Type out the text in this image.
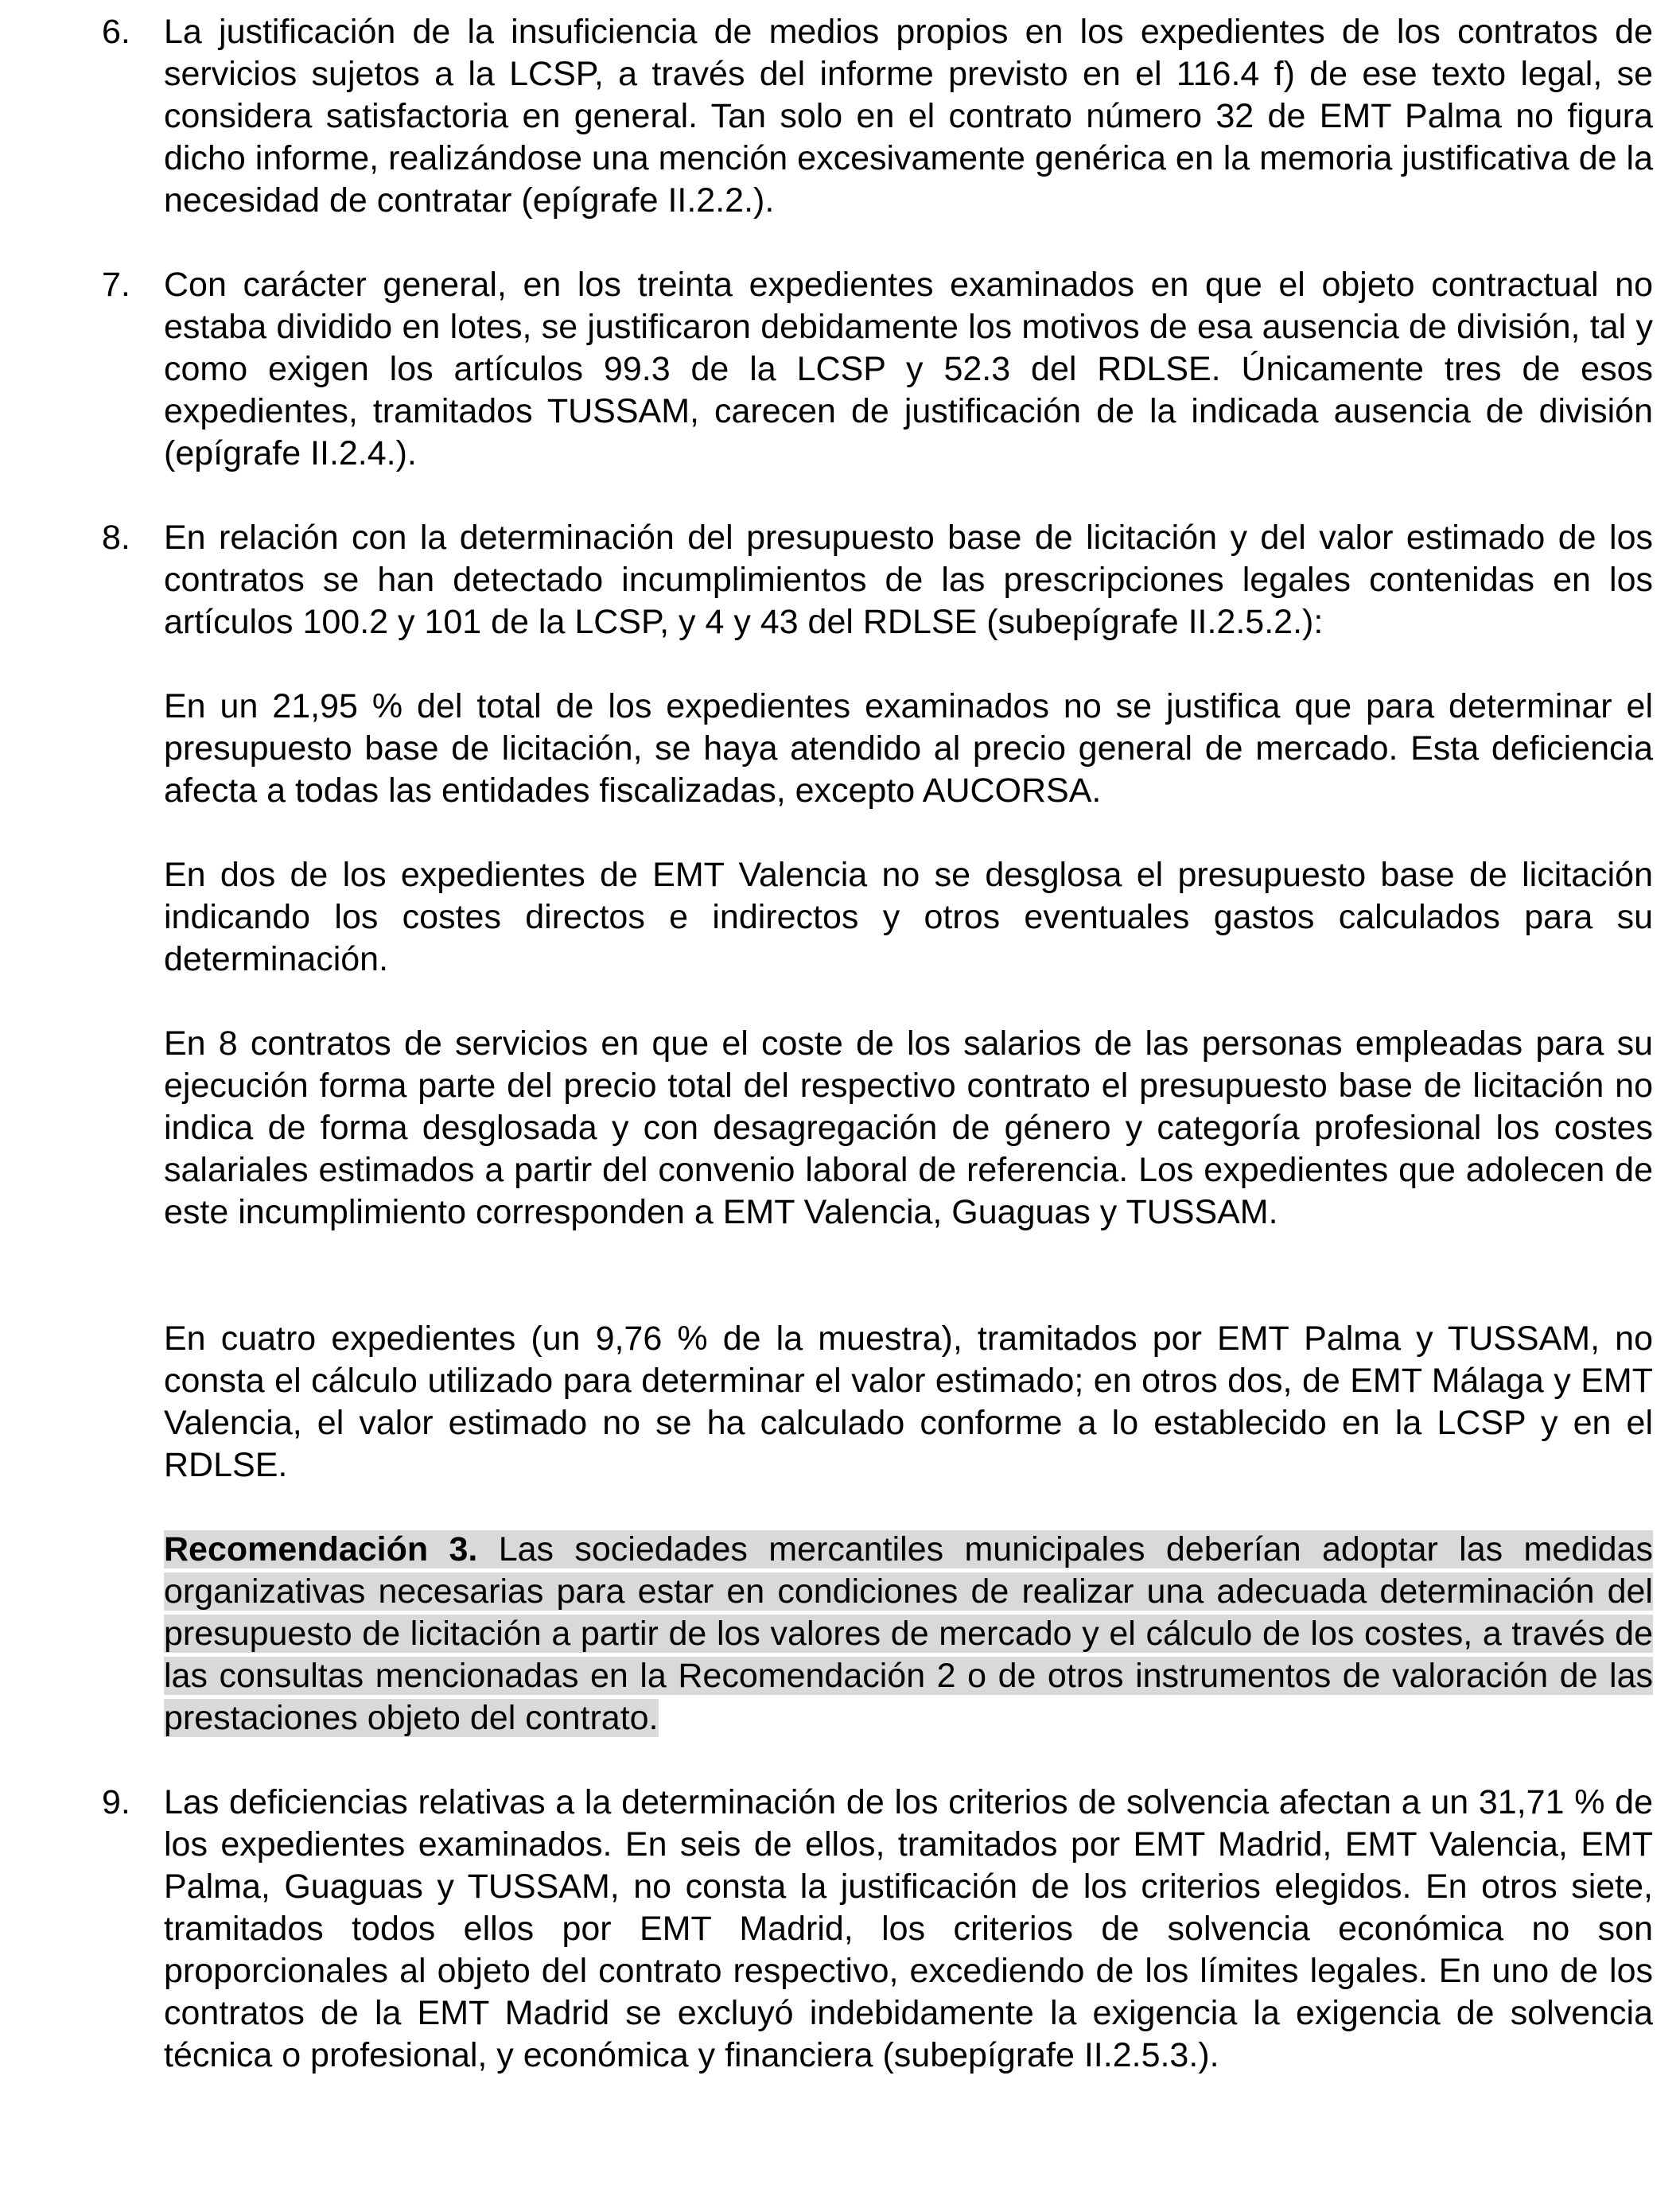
6. La justificación de la insuficiencia de medios propios en los expedientes de los contratos de servicios sujetos a la LCSP, a través del informe previsto en el 116.4 f) de ese texto legal, se considera satisfactoria en general. Tan solo en el contrato número 32 de EMT Palma no figura dicho informe, realizándose una mención excesivamente genérica en la memoria justificativa de la necesidad de contratar (epígrafe II.2.2.).
7. Con carácter general, en los treinta expedientes examinados en que el objeto contractual no estaba dividido en lotes, se justificaron debidamente los motivos de esa ausencia de división, tal y como exigen los artículos 99.3 de la LCSP y 52.3 del RDLSE. Únicamente tres de esos expedientes, tramitados TUSSAM, carecen de justificación de la indicada ausencia de división (epígrafe II.2.4.).
8. En relación con la determinación del presupuesto base de licitación y del valor estimado de los contratos se han detectado incumplimientos de las prescripciones legales contenidas en los artículos 100.2 y 101 de la LCSP, y 4 y 43 del RDLSE (subepígrafe II.2.5.2.):
En un 21,95 % del total de los expedientes examinados no se justifica que para determinar el presupuesto base de licitación, se haya atendido al precio general de mercado. Esta deficiencia afecta a todas las entidades fiscalizadas, excepto AUCORSA.
En dos de los expedientes de EMT Valencia no se desglosa el presupuesto base de licitación indicando los costes directos e indirectos y otros eventuales gastos calculados para su determinación.
En 8 contratos de servicios en que el coste de los salarios de las personas empleadas para su ejecución forma parte del precio total del respectivo contrato el presupuesto base de licitación no indica de forma desglosada y con desagregación de género y categoría profesional los costes salariales estimados a partir del convenio laboral de referencia. Los expedientes que adolecen de este incumplimiento corresponden a EMT Valencia, Guaguas y TUSSAM.
En cuatro expedientes (un 9,76 % de la muestra), tramitados por EMT Palma y TUSSAM, no consta el cálculo utilizado para determinar el valor estimado; en otros dos, de EMT Málaga y EMT Valencia, el valor estimado no se ha calculado conforme a lo establecido en la LCSP y en el RDLSE.
Recomendación 3. Las sociedades mercantiles municipales deberían adoptar las medidas organizativas necesarias para estar en condiciones de realizar una adecuada determinación del presupuesto de licitación a partir de los valores de mercado y el cálculo de los costes, a través de las consultas mencionadas en la Recomendación 2 o de otros instrumentos de valoración de las prestaciones objeto del contrato.
9. Las deficiencias relativas a la determinación de los criterios de solvencia afectan a un 31,71 % de los expedientes examinados. En seis de ellos, tramitados por EMT Madrid, EMT Valencia, EMT Palma, Guaguas y TUSSAM, no consta la justificación de los criterios elegidos. En otros siete, tramitados todos ellos por EMT Madrid, los criterios de solvencia económica no son proporcionales al objeto del contrato respectivo, excediendo de los límites legales. En uno de los contratos de la EMT Madrid se excluyó indebidamente la exigencia la exigencia de solvencia técnica o profesional, y económica y financiera (subepígrafe II.2.5.3.).
